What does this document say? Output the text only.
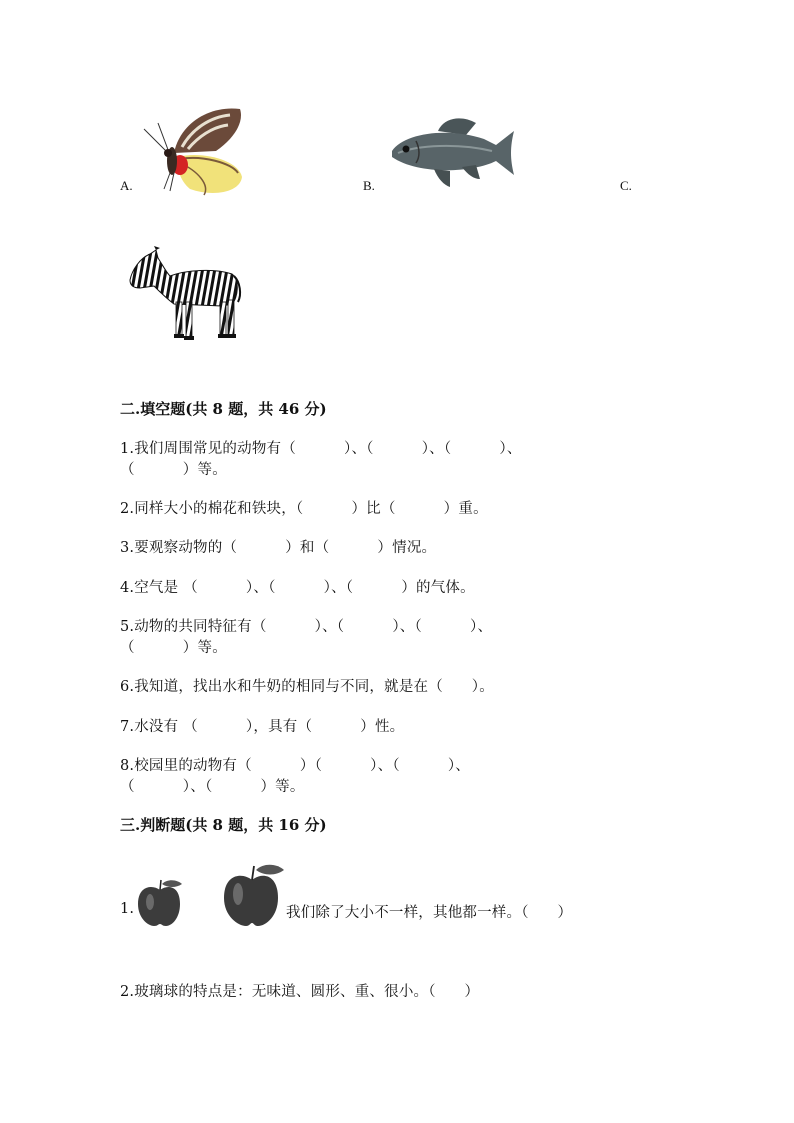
A.	B.	C.
二.填空题(共 8 题，共 46 分)
1.我们周围常见的动物有（          ）、（          ）、（          ）、
（          ）等。
2.同样大小的棉花和铁块，（          ）比（          ）重。
3.要观察动物的（          ）和（          ）情况。
4.空气是 （          ）、（          ）、（          ）的气体。
5.动物的共同特征有（          ）、（          ）、（          ）、
（          ）等。
6.我知道，找出水和牛奶的相同与不同，就是在（      ）。
7.水没有 （          ），具有（          ）性。
8.校园里的动物有（          ）（          ）、（          ）、
（          ）、（          ）等。
三.判断题(共 8 题，共 16 分)
1.	我们除了大小不一样，其他都一样。（      ）
2.玻璃球的特点是：无味道、圆形、重、很小。（      ）
